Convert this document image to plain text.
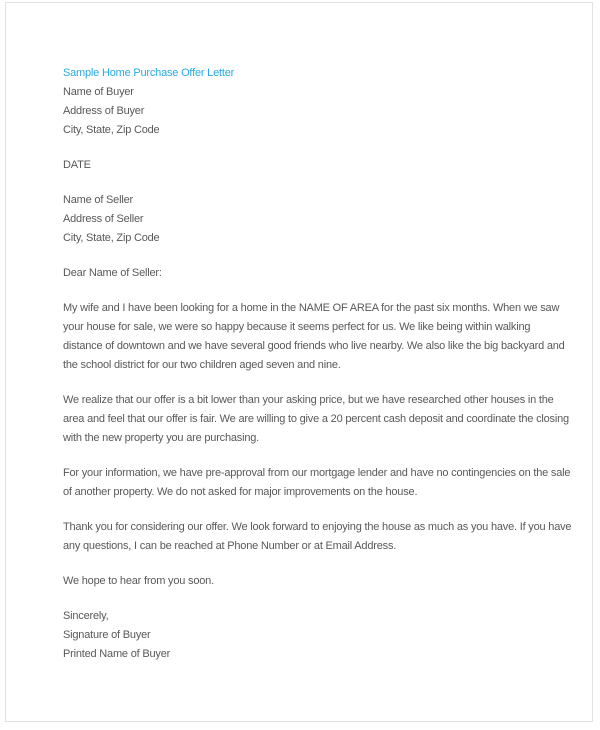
Sample Home Purchase Offer Letter
Name of Buyer
Address of Buyer
City, State, Zip Code
DATE
Name of Seller
Address of Seller
City, State, Zip Code
Dear Name of Seller:
My wife and I have been looking for a home in the NAME OF AREA for the past six months. When we saw
your house for sale, we were so happy because it seems perfect for us. We like being within walking
distance of downtown and we have several good friends who live nearby. We also like the big backyard and
the school district for our two children aged seven and nine.
We realize that our offer is a bit lower than your asking price, but we have researched other houses in the
area and feel that our offer is fair. We are willing to give a 20 percent cash deposit and coordinate the closing
with the new property you are purchasing.
For your information, we have pre-approval from our mortgage lender and have no contingencies on the sale
of another property. We do not asked for major improvements on the house.
Thank you for considering our offer. We look forward to enjoying the house as much as you have. If you have
any questions, I can be reached at Phone Number or at Email Address.
We hope to hear from you soon.
Sincerely,
Signature of Buyer
Printed Name of Buyer
